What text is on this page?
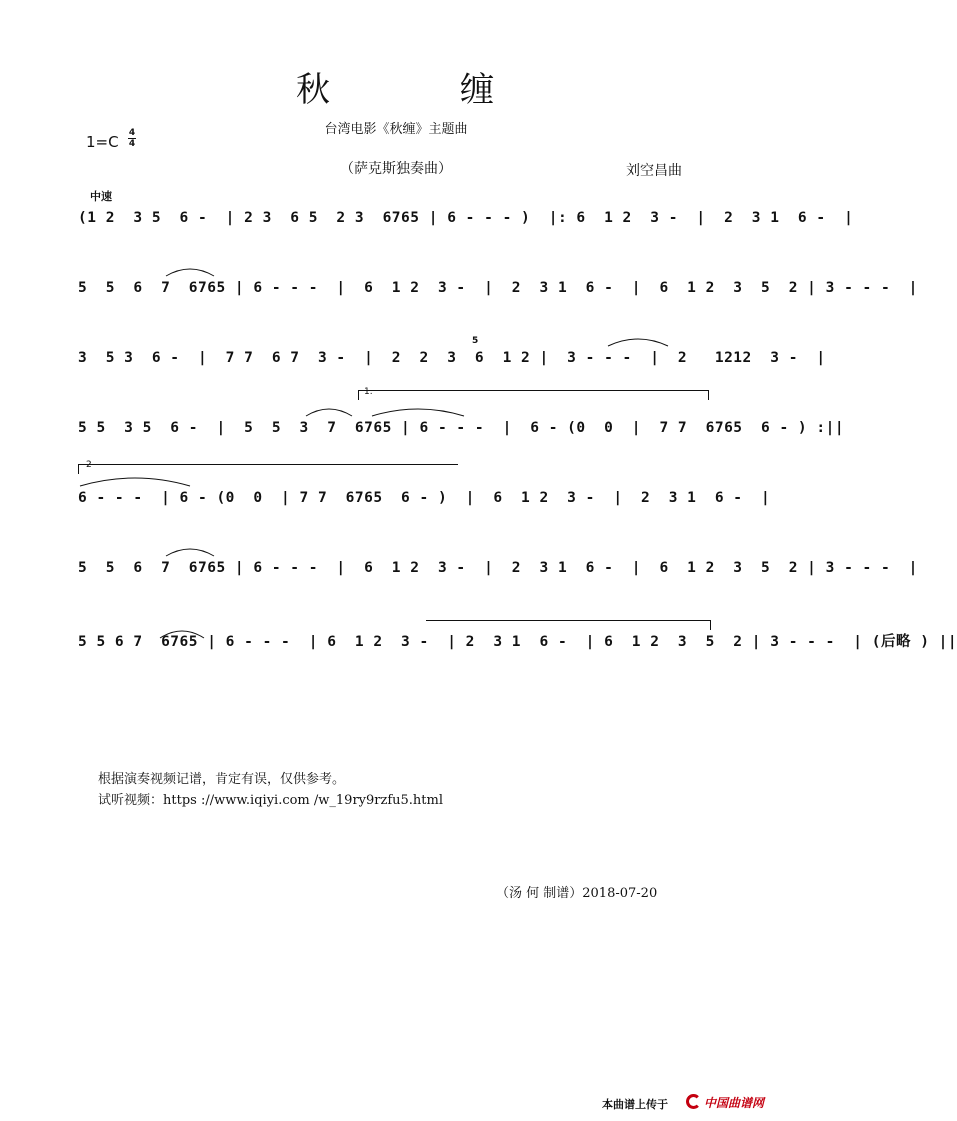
秋	缠
台湾电影《秋缠》主题曲
1=C 4
4
（萨克斯独奏曲）	刘空昌曲
中速
(1 2  3 5  6 -  | 2 3  6 5  2 3  6765 | 6 - - - )  |: 6  1 2  3 -  |  2  3 1  6 -  |
5  5  6  7  6765 | 6 - - -  |  6  1 2  3 -  |  2  3 1  6 -  |  6  1 2  3  5  2 | 3 - - -  |
5
3  5 3  6 -  |  7 7  6 7  3 -  |  2  2  3  6  1 2 |  3 - - -  |  2   1212  3 -  |
1.
5 5  3 5  6 -  |  5  5  3  7  6765 | 6 - - -  |  6 - (0  0  |  7 7  6765  6 - ) :||
2
6 - - -  | 6 - (0  0  | 7 7  6765  6 - )  |  6  1 2  3 -  |  2  3 1  6 -  |
5  5  6  7  6765 | 6 - - -  |  6  1 2  3 -  |  2  3 1  6 -  |  6  1 2  3  5  2 | 3 - - -  |
5 5 6 7  6765 | 6 - - -  | 6  1 2  3 -  | 2  3 1  6 -  | 6  1 2  3  5  2 | 3 - - -  | (后略 ) ||
根据演奏视频记谱，肯定有误，仅供参考。
试听视频：https ://www.iqiyi.com /w_19ry9rzfu5.html
（汤 何 制谱）2018-07-20
本曲谱上传于	中国曲谱网
